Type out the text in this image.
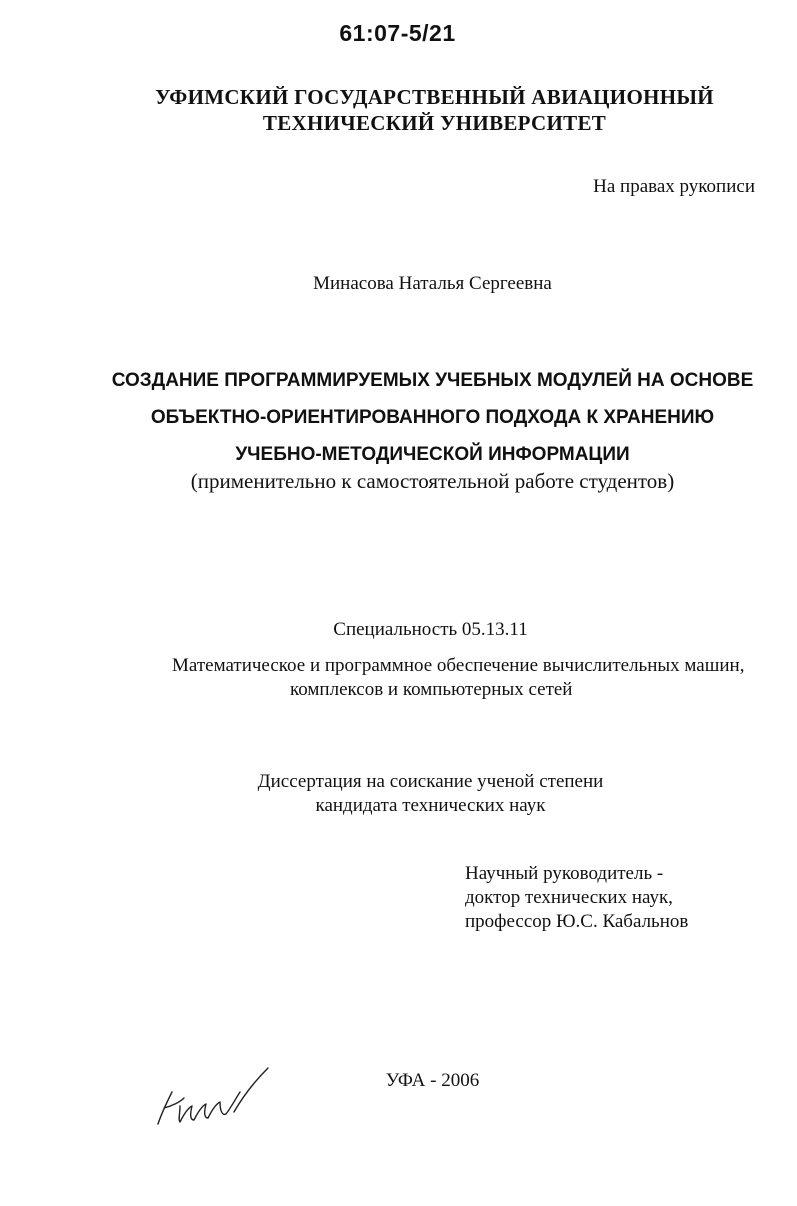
61:07-5/21
УФИМСКИЙ ГОСУДАРСТВЕННЫЙ АВИАЦИОННЫЙ
ТЕХНИЧЕСКИЙ УНИВЕРСИТЕТ
На правах рукописи
Минасова Наталья Сергеевна
СОЗДАНИЕ ПРОГРАММИРУЕМЫХ УЧЕБНЫХ МОДУЛЕЙ НА ОСНОВЕ
ОБЪЕКТНО-ОРИЕНТИРОВАННОГО ПОДХОДА К ХРАНЕНИЮ
УЧЕБНО-МЕТОДИЧЕСКОЙ ИНФОРМАЦИИ
(применительно к самостоятельной работе студентов)
Специальность 05.13.11
Математическое и программное обеспечение вычислительных машин,
комплексов и компьютерных сетей
Диссертация на соискание ученой степени
кандидата технических наук
Научный руководитель -
доктор технических наук,
профессор Ю.С. Кабальнов
УФА - 2006
